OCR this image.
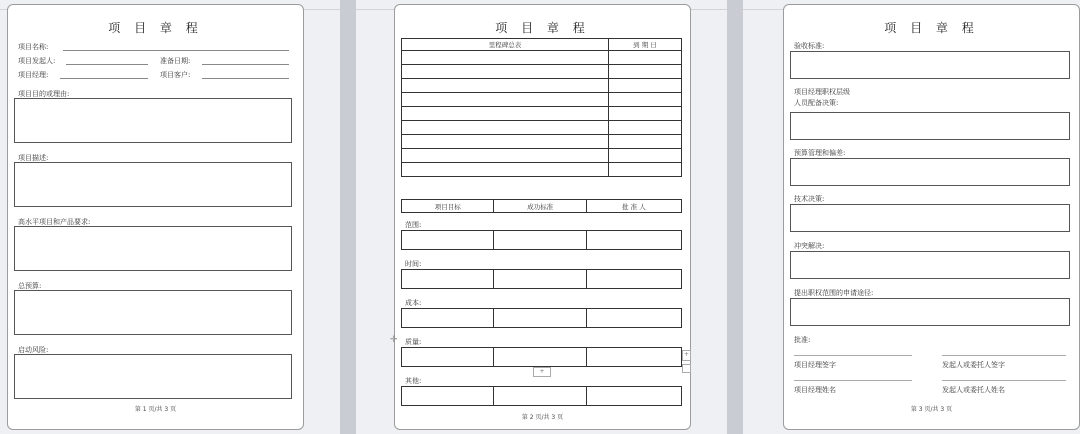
项 目 章 程
项目名称:
项目发起人:	准备日期:
项目经理:	项目客户:
项目目的或理由:
项目描述:
高水平项目和产品要求:
总预算:
启动风险:
第 1 页/共 3 页
项 目 章 程
里程碑总表	到 期 日

项目目标	成功标准	批 准 人
范围:

时间:

成本:

质量:

+
其他:

第 2 页/共 3 页
✛
+
项 目 章 程
验收标准:
项目经理职权层级
人员配备决策:
预算管理和偏差:
技术决策:
冲突解决:
提出职权范围的申请途径:
批准:
项目经理签字	发起人或委托人签字
项目经理姓名	发起人或委托人姓名
第 3 页/共 3 页
